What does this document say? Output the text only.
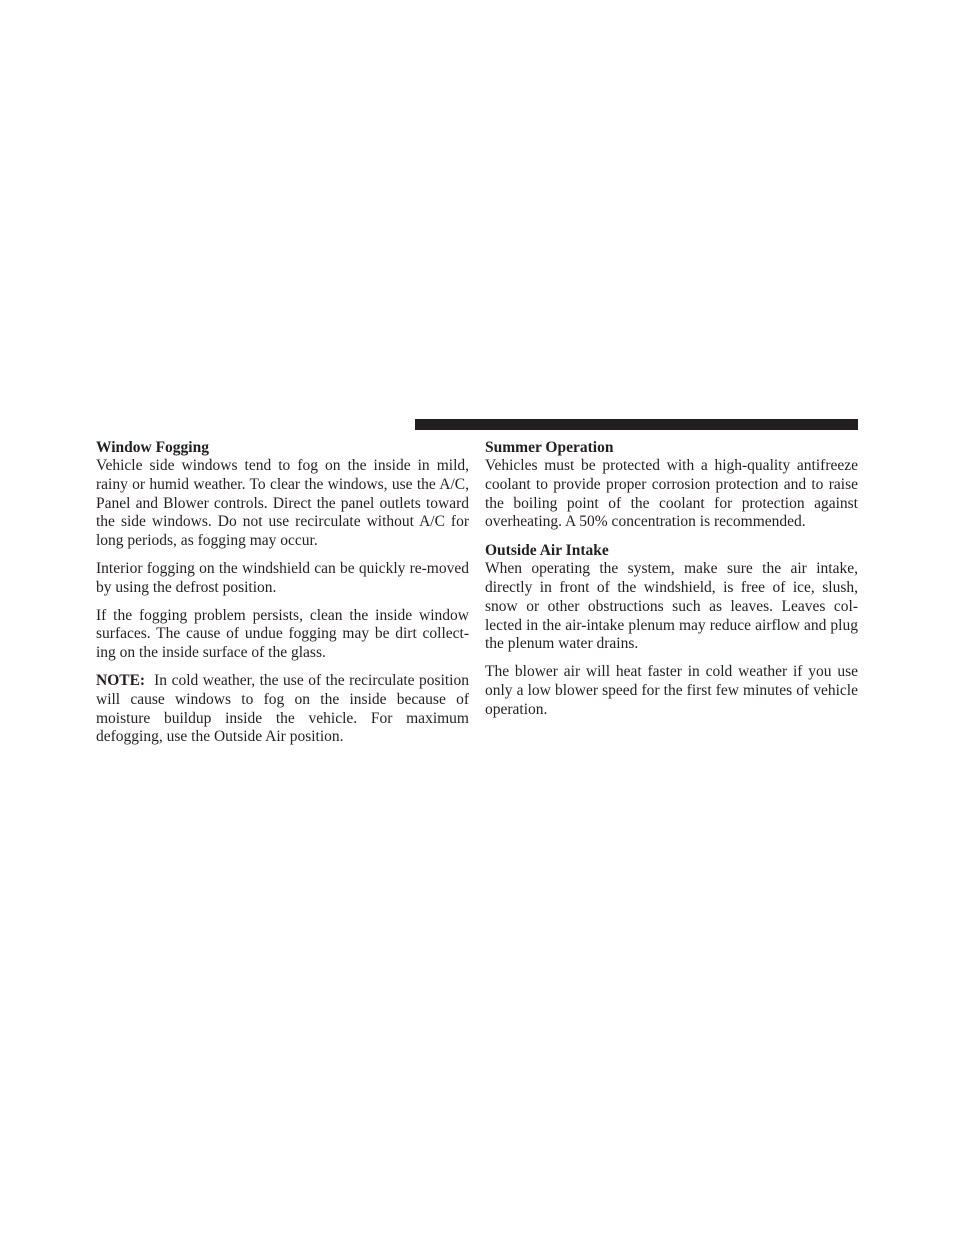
Window Fogging

Vehicle side windows tend to fog on the inside in mild, rainy or humid weather. To clear the windows, use the A/C, Panel and Blower controls. Direct the panel outlets toward the side windows. Do not use recirculate without A/C for long periods, as fogging may occur.

Interior fogging on the windshield can be quickly re-moved by using the defrost position.

If the fogging problem persists, clean the inside window surfaces. The cause of undue fogging may be dirt collect-ing on the inside surface of the glass.

NOTE: In cold weather, the use of the recirculate position will cause windows to fog on the inside because of moisture buildup inside the vehicle. For maximum defogging, use the Outside Air position.

Summer Operation

Vehicles must be protected with a high-quality antifreeze coolant to provide proper corrosion protection and to raise the boiling point of the coolant for protection against overheating. A 50% concentration is recommended.

Outside Air Intake

When operating the system, make sure the air intake, directly in front of the windshield, is free of ice, slush, snow or other obstructions such as leaves. Leaves col-lected in the air-intake plenum may reduce airflow and plug the plenum water drains.

The blower air will heat faster in cold weather if you use only a low blower speed for the first few minutes of vehicle operation.
